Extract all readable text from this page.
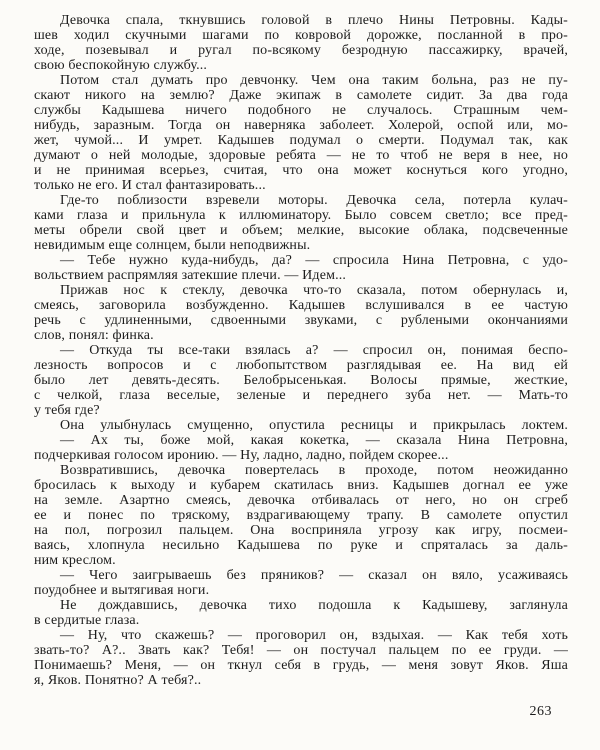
Девочка спала, ткнувшись головой в плечо Нины Петровны. Кады-
шев ходил скучными шагами по ковровой дорожке, посланной в про-
ходе, позевывал и ругал по-всякому безродную пассажирку, врачей,
свою беспокойную службу...
Потом стал думать про девчонку. Чем она таким больна, раз не пу-
скают никого на землю? Даже экипаж в самолете сидит. За два года
службы Кадышева ничего подобного не случалось. Страшным чем-
нибудь, заразным. Тогда он наверняка заболеет. Холерой, оспой или, мо-
жет, чумой... И умрет. Кадышев подумал о смерти. Подумал так, как
думают о ней молодые, здоровые ребята — не то чтоб не веря в нее, но
и не принимая всерьез, считая, что она может коснуться кого угодно,
только не его. И стал фантазировать...
Где-то поблизости взревели моторы. Девочка села, потерла кулач-
ками глаза и прильнула к иллюминатору. Было совсем светло; все пред-
меты обрели свой цвет и объем; мелкие, высокие облака, подсвеченные
невидимым еще солнцем, были неподвижны.
— Тебе нужно куда-нибудь, да? — спросила Нина Петровна, с удо-
вольствием распрямляя затекшие плечи. — Идем...
Прижав нос к стеклу, девочка что-то сказала, потом обернулась и,
смеясь, заговорила возбужденно. Кадышев вслушивался в ее частую
речь с удлиненными, сдвоенными звуками, с рублеными окончаниями
слов, понял: финка.
— Откуда ты все-таки взялась а? — спросил он, понимая беспо-
лезность вопросов и с любопытством разглядывая ее. На вид ей
было лет девять-десять. Белобрысенькая. Волосы прямые, жесткие,
с челкой, глаза веселые, зеленые и переднего зуба нет. — Мать-то
у тебя где?
Она улыбнулась смущенно, опустила ресницы и прикрылась локтем.
— Ах ты, боже мой, какая кокетка, — сказала Нина Петровна,
подчеркивая голосом иронию. — Ну, ладно, ладно, пойдем скорее...
Возвратившись, девочка повертелась в проходе, потом неожиданно
бросилась к выходу и кубарем скатилась вниз. Кадышев догнал ее уже
на земле. Азартно смеясь, девочка отбивалась от него, но он сгреб
ее и понес по тряскому, вздрагивающему трапу. В самолете опустил
на пол, погрозил пальцем. Она восприняла угрозу как игру, посмеи-
ваясь, хлопнула несильно Кадышева по руке и спряталась за даль-
ним креслом.
— Чего заигрываешь без пряников? — сказал он вяло, усаживаясь
поудобнее и вытягивая ноги.
Не дождавшись, девочка тихо подошла к Кадышеву, заглянула
в сердитые глаза.
— Ну, что скажешь? — проговорил он, вздыхая. — Как тебя хоть
звать-то? А?.. Звать как? Тебя! — он постучал пальцем по ее груди. —
Понимаешь? Меня, — он ткнул себя в грудь, — меня зовут Яков. Яша
я, Яков. Понятно? А тебя?..
263
